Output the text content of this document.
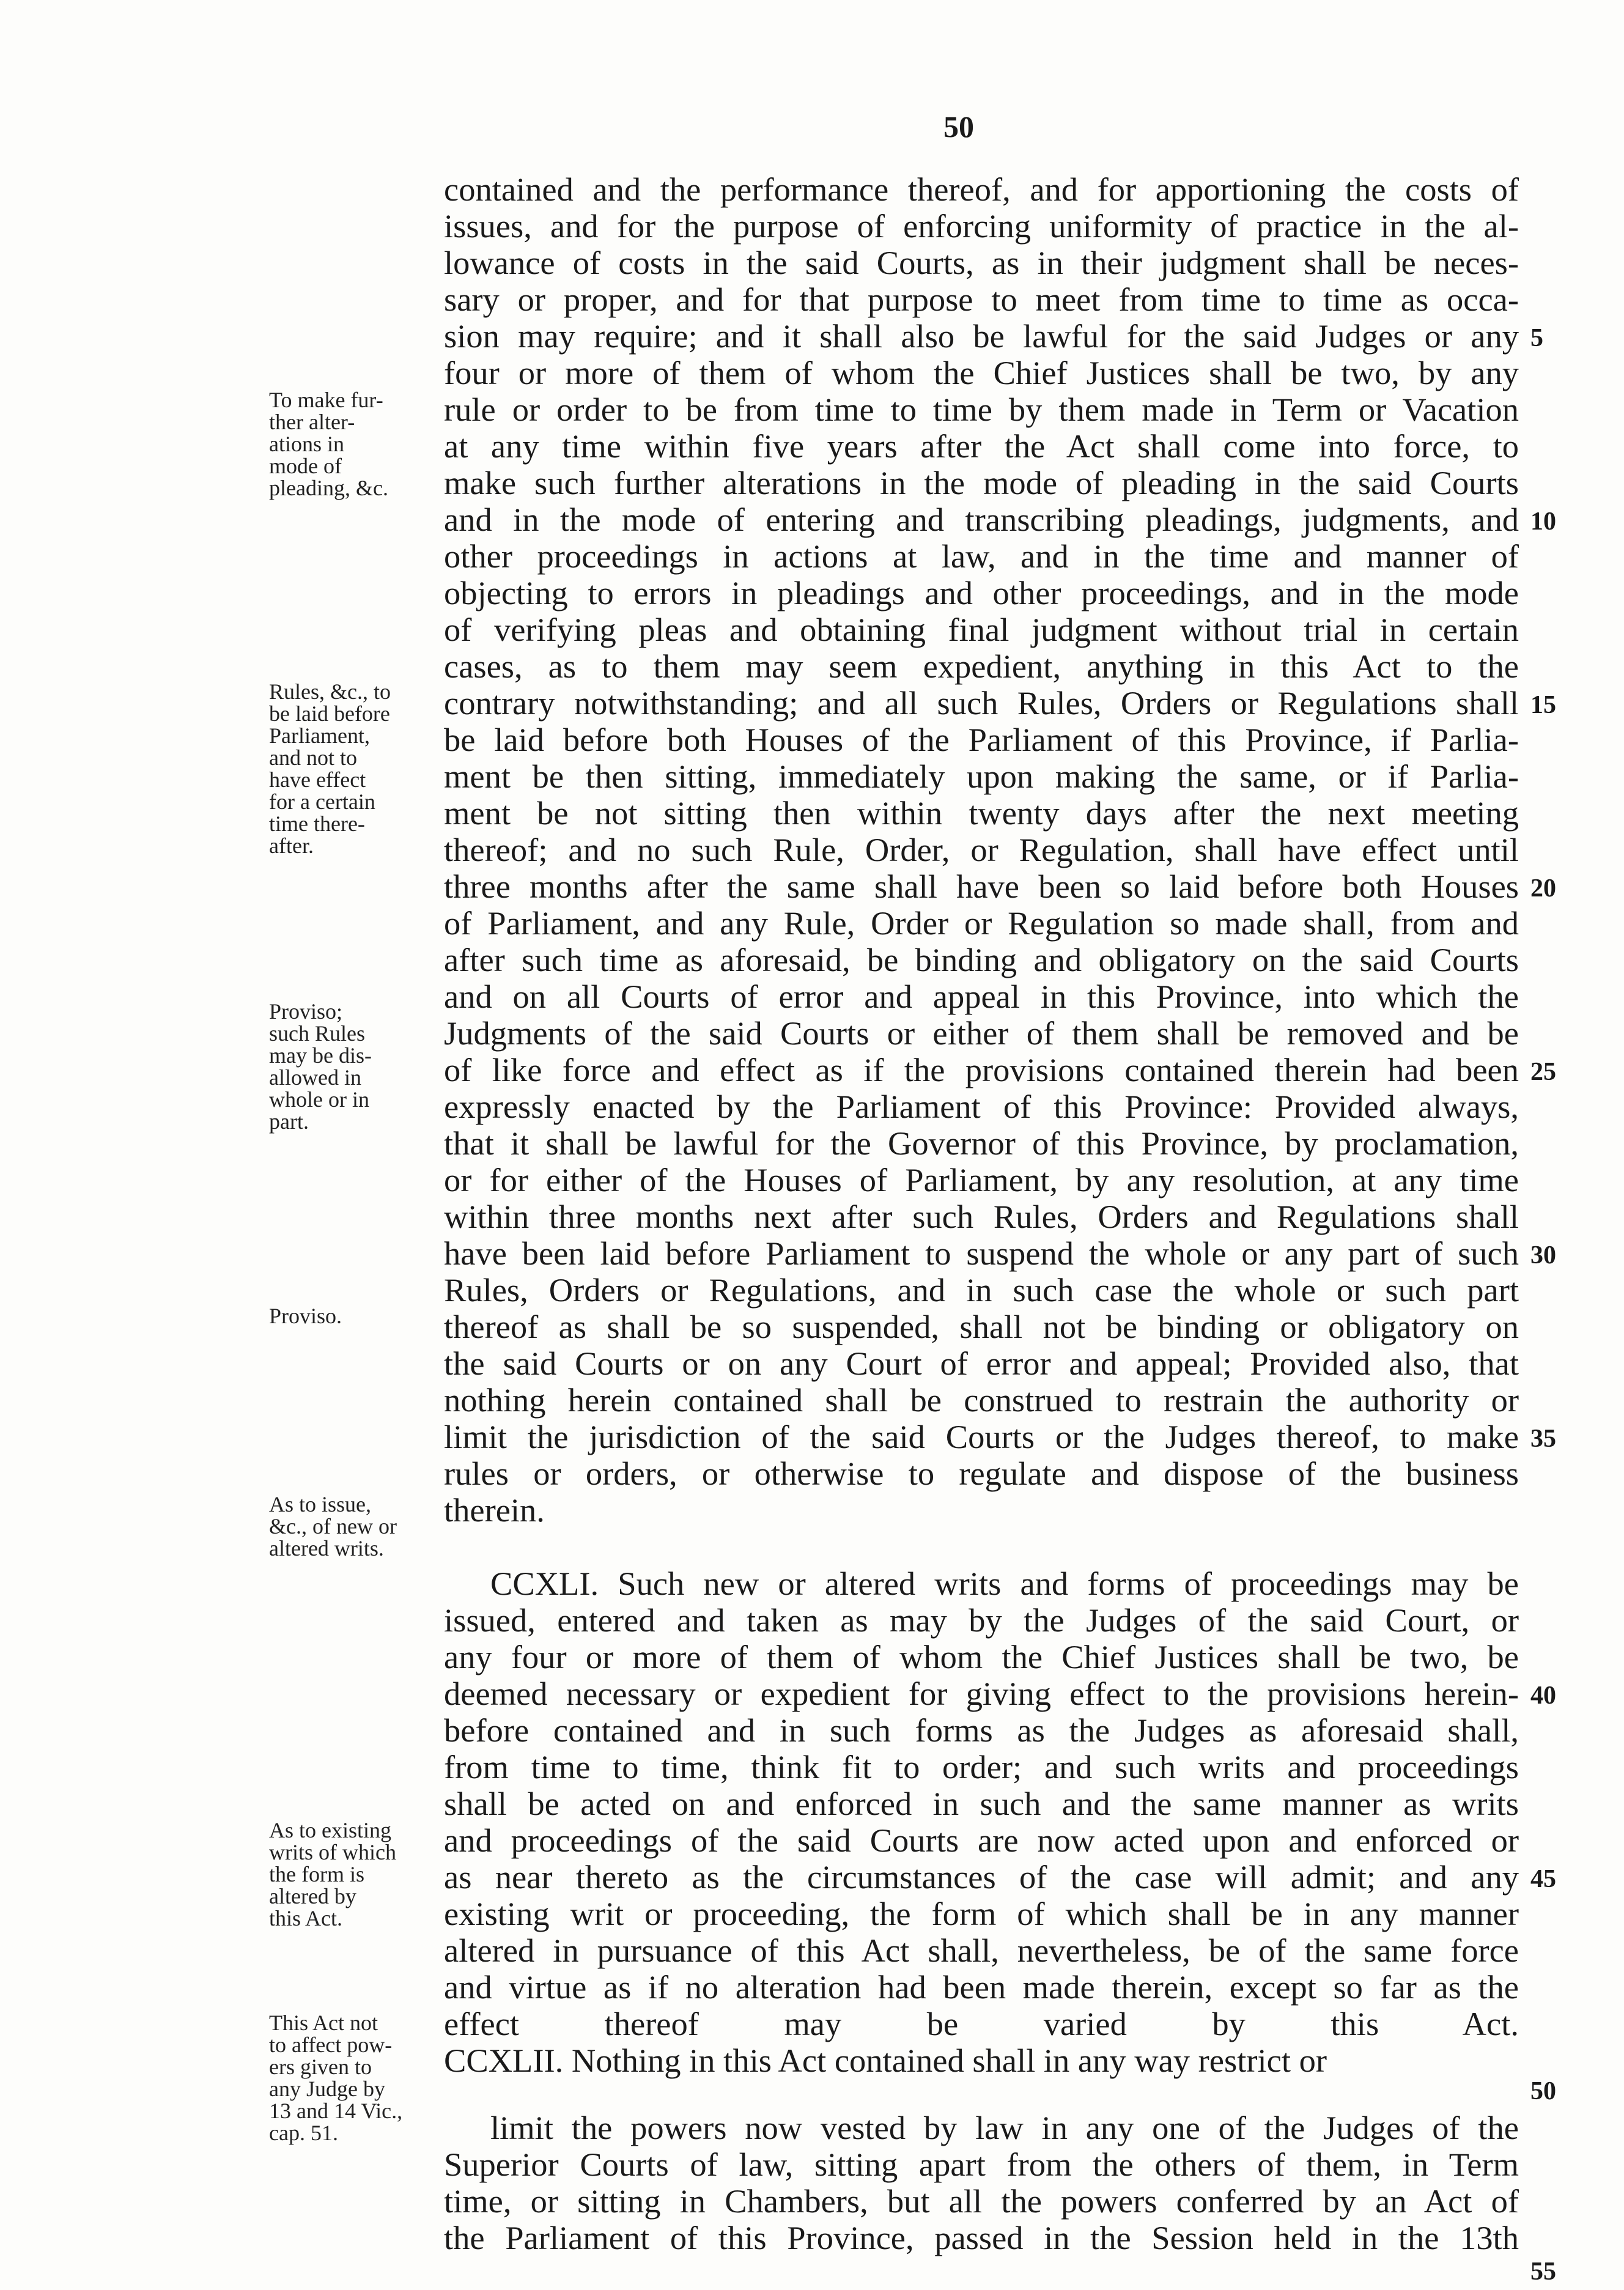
50
To make fur-
ther alter-
ations in
mode of
pleading, &c.
Rules, &c., to
be laid before
Parliament,
and not to
have effect
for a certain
time there-
after.
Proviso;
such Rules
may be dis-
allowed in
whole or in
part.
Proviso.
As to issue,
&c., of new or
altered writs.
As to existing
writs of which
the form is
altered by
this Act.
This Act not
to affect pow-
ers given to
any Judge by
13 and 14 Vic.,
cap. 51.
contained and the performance thereof, and for apportioning the costs of
issues, and for the purpose of enforcing uniformity of practice in the al-
lowance of costs in the said Courts, as in their judgment shall be neces-
sary or proper, and for that purpose to meet from time to time as occa-
sion may require; and it shall also be lawful for the said Judges or any
four or more of them of whom the Chief Justices shall be two, by any
rule or order to be from time to time by them made in Term or Vacation
at any time within five years after the Act shall come into force, to
make such further alterations in the mode of pleading in the said Courts
and in the mode of entering and transcribing pleadings, judgments, and
other proceedings in actions at law, and in the time and manner of
objecting to errors in pleadings and other proceedings, and in the mode
of verifying pleas and obtaining final judgment without trial in certain
cases, as to them may seem expedient, anything in this Act to the
contrary notwithstanding; and all such Rules, Orders or Regulations shall
be laid before both Houses of the Parliament of this Province, if Parlia-
ment be then sitting, immediately upon making the same, or if Parlia-
ment be not sitting then within twenty days after the next meeting
thereof; and no such Rule, Order, or Regulation, shall have effect until
three months after the same shall have been so laid before both Houses
of Parliament, and any Rule, Order or Regulation so made shall, from and
after such time as aforesaid, be binding and obligatory on the said Courts
and on all Courts of error and appeal in this Province, into which the
Judgments of the said Courts or either of them shall be removed and be
of like force and effect as if the provisions contained therein had been
expressly enacted by the Parliament of this Province: Provided always,
that it shall be lawful for the Governor of this Province, by proclamation,
or for either of the Houses of Parliament, by any resolution, at any time
within three months next after such Rules, Orders and Regulations shall
have been laid before Parliament to suspend the whole or any part of such
Rules, Orders or Regulations, and in such case the whole or such part
thereof as shall be so suspended, shall not be binding or obligatory on
the said Courts or on any Court of error and appeal; Provided also, that
nothing herein contained shall be construed to restrain the authority or
limit the jurisdiction of the said Courts or the Judges thereof, to make
rules or orders, or otherwise to regulate and dispose of the business
therein.
CCXLI. Such new or altered writs and forms of proceedings may be
issued, entered and taken as may by the Judges of the said Court, or
any four or more of them of whom the Chief Justices shall be two, be
deemed necessary or expedient for giving effect to the provisions herein-
before contained and in such forms as the Judges as aforesaid shall,
from time to time, think fit to order; and such writs and proceedings
shall be acted on and enforced in such and the same manner as writs
and proceedings of the said Courts are now acted upon and enforced or
as near thereto as the circumstances of the case will admit; and any
existing writ or proceeding, the form of which shall be in any manner
altered in pursuance of this Act shall, nevertheless, be of the same force
and virtue as if no alteration had been made therein, except so far as the
effect thereof may be varied by this Act.
CCXLII. Nothing in this Act contained shall in any way restrict or
limit the powers now vested by law in any one of the Judges of the
Superior Courts of law, sitting apart from the others of them, in Term
time, or sitting in Chambers, but all the powers conferred by an Act of
the Parliament of this Province, passed in the Session held in the 13th
5
10
15
20
25
30
35
40
45
50
55
